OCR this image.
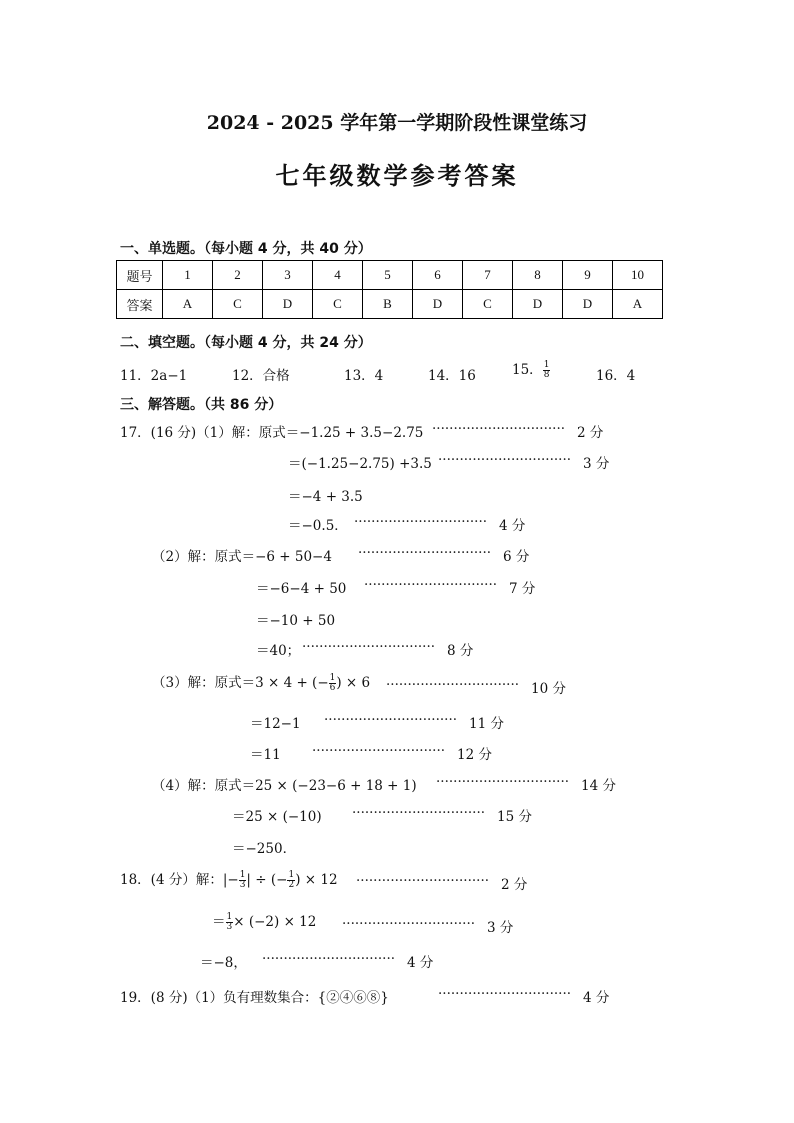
2024 - 2025 学年第一学期阶段性课堂练习
七年级数学参考答案
一、单选题。（每小题 4 分，共 40 分）
题号	1	2	3	4	5	6	7	8	9	10
答案	A	C	D	C	B	D	C	D	D	A
二、填空题。（每小题 4 分，共 24 分）
11．2a−1	12．合格	13．4	14．16	15． $\frac{1}{8}$	16．4
三、解答题。（共 86 分）
17．(16 分)（1）解：原式＝−1.25 + 3.5−2.75 ······························· 2 分
＝(−1.25−2.75) +3.5 ······························· 3 分
＝−4 + 3.5
＝−0.5． ······························· 4 分
（2）解：原式＝−6 + 50−4 ······························· 6 分
＝−6−4 + 50 ······························· 7 分
＝−10 + 50
＝40； ······························· 8 分
（3）解：原式＝3 × 4 + (− $\frac{1}{6}$ ) × 6 ······························· 10 分
＝12−1 ······························· 11 分
＝11 ······························· 12 分
（4）解：原式＝25 × (−23−6 + 18 + 1) ······························· 14 分
＝25 × (−10) ······························· 15 分
＝−250．
18．(4 分）解：|− $\frac{1}{3}$ | ÷ (− $\frac{1}{2}$ ) × 12 ······························· 2 分
＝ $\frac{1}{3} \times (-2) \times 12$ ······························· 3 分
＝−8， ······························· 4 分
19．(8 分)（1）负有理数集合：{②④⑥⑧}	······························· 4 分
